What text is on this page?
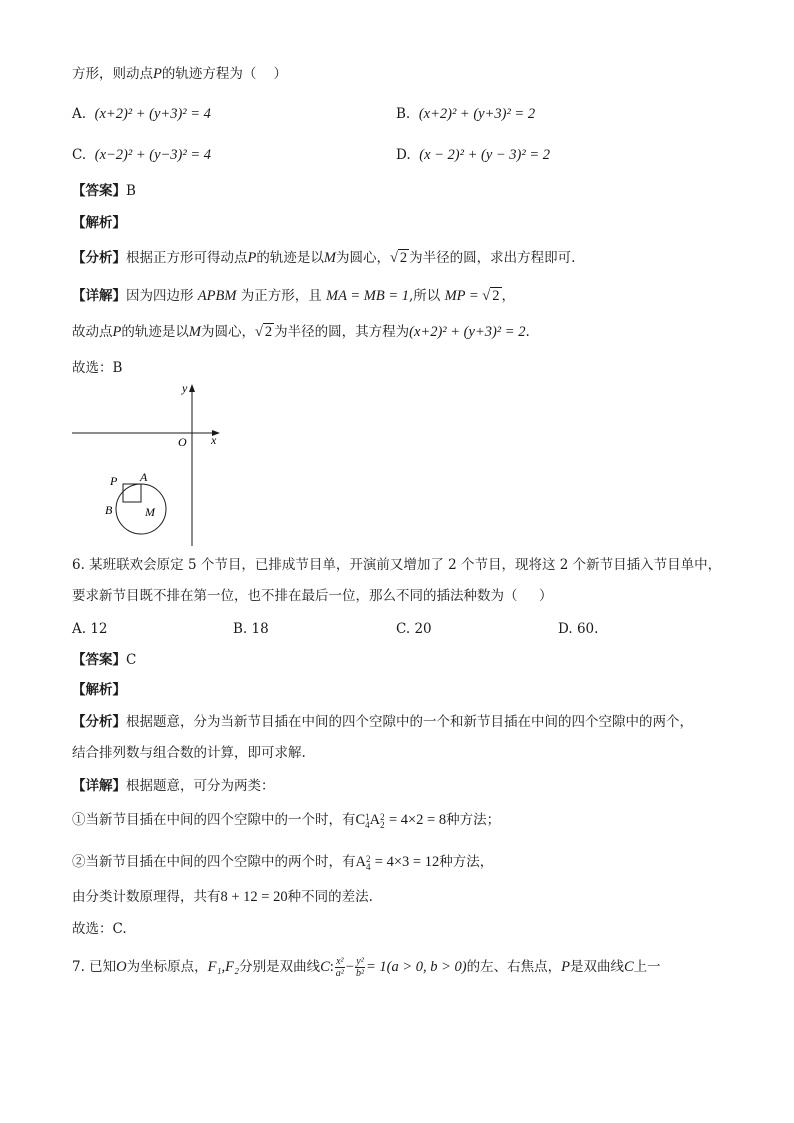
方形，则动点P的轨迹方程为（ ）
A. (x+2)² + (y+3)² = 4	B. (x+2)² + (y+3)² = 2
C. (x−2)² + (y−3)² = 4	D. (x − 2)² + (y − 3)² = 2
【答案】B
【解析】
【分析】根据正方形可得动点P的轨迹是以M为圆心，√ 2 为半径的圆，求出方程即可.
【详解】因为四边形 APBM 为正方形，且 MA = MB = 1,所以 MP = √ 2 ，
故动点P的轨迹是以M为圆心，√ 2 为半径的圆，其方程为(x+2)² + (y+3)² = 2.
故选：B
y
x
O
P A
B	M
6. 某班联欢会原定 5 个节目，已排成节目单，开演前又增加了 2 个节目，现将这 2 个新节目插入节目单中，
要求新节目既不排在第一位，也不排在最后一位，那么不同的插法种数为（ ）
A. 12	B. 18	C. 20	D. 60.
【答案】C
【解析】
【分析】根据题意，分为当新节目插在中间的四个空隙中的一个和新节目插在中间的四个空隙中的两个，
结合排列数与组合数的计算，即可求解.
【详解】根据题意，可分为两类：
①当新节目插在中间的四个空隙中的一个时，有C 1
4 A 2
2 = 4×2 = 8种方法；
②当新节目插在中间的四个空隙中的两个时，有A 2
4 = 4×3 = 12种方法，
由分类计数原理得，共有8 + 12 = 20种不同的差法.
故选：C.
7. 已知O为坐标原点，F₁,F₂分别是双曲线C: $\frac{\text{x²}}{\text{a²}} - \frac{\text{y²}}{\text{b²}} = 1(a > 0$, b > 0)的左、右焦点，P是双曲线C上一
